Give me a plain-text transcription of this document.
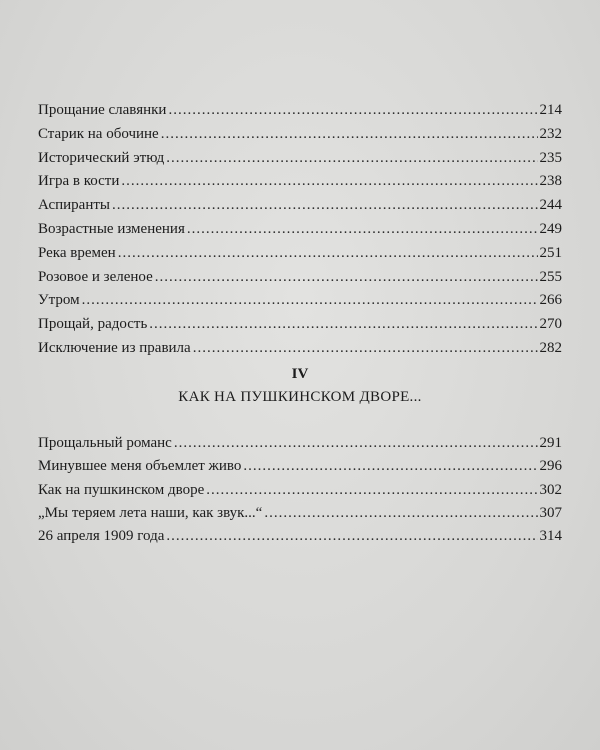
Прощание славянки .....	214
Старик на обочине .....	232
Исторический этюд .....	235
Игра в кости .....	238
Аспиранты .....	244
Возрастные изменения .....	249
Река времен .....	251
Розовое и зеленое .....	255
Утром .....	266
Прощай, радость .....	270
Исключение из правила .....	282
IV
КАК НА ПУШКИНСКОМ ДВОРЕ...
Прощальный романс .....	291
Минувшее меня объемлет живо .....	296
Как на пушкинском дворе .....	302
„Мы теряем лета наши, как звук...“ .....	307
26 апреля 1909 года .....	314
